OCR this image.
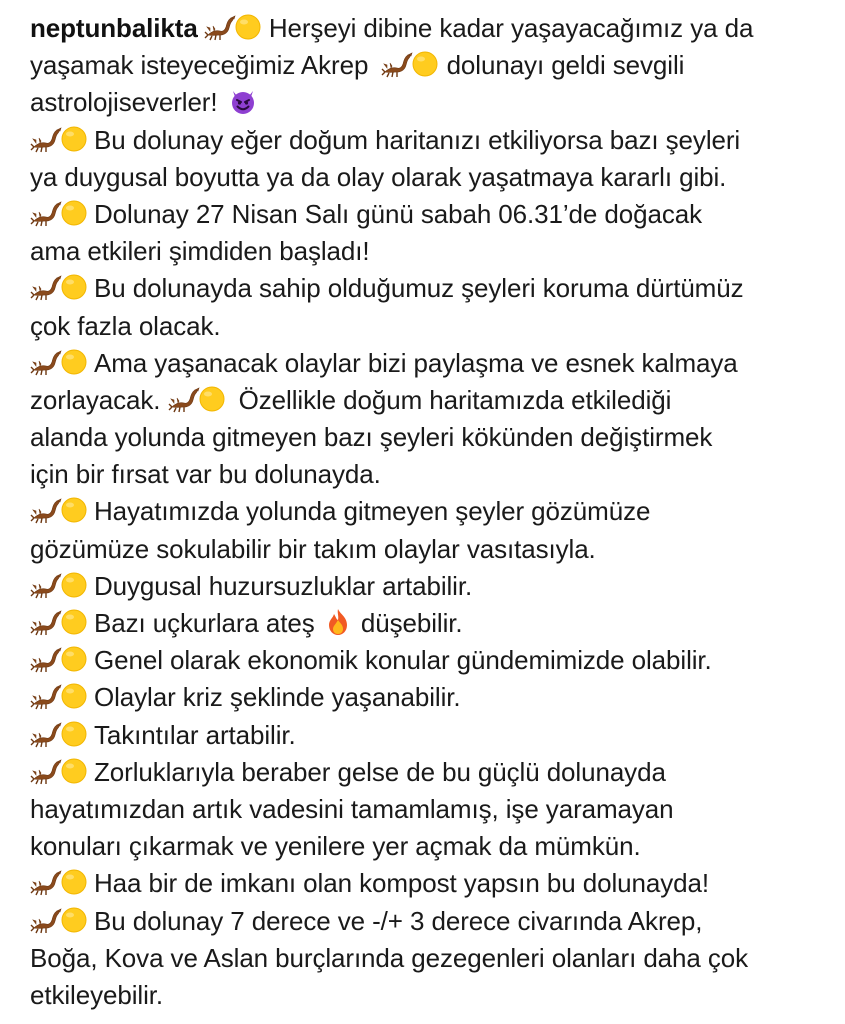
neptunbalikta
Herşeyi dibine kadar yaşayacağımız ya da
yaşamak isteyeceğimiz Akrep
dolunayı geldi sevgili
astrolojiseverler!
Bu dolunay eğer doğum haritanızı etkiliyorsa bazı şeyleri
ya duygusal boyutta ya da olay olarak yaşatmaya kararlı gibi.
Dolunay 27 Nisan Salı günü sabah 06.31’de doğacak
ama etkileri şimdiden başladı!
Bu dolunayda sahip olduğumuz şeyleri koruma dürtümüz
çok fazla olacak.
Ama yaşanacak olaylar bizi paylaşma ve esnek kalmaya
zorlayacak.
Özellikle doğum haritamızda etkilediği
alanda yolunda gitmeyen bazı şeyleri kökünden değiştirmek
için bir fırsat var bu dolunayda.
Hayatımızda yolunda gitmeyen şeyler gözümüze
gözümüze sokulabilir bir takım olaylar vasıtasıyla.
Duygusal huzursuzluklar artabilir.
Bazı uçkurlara ateş
düşebilir.
Genel olarak ekonomik konular gündemimizde olabilir.
Olaylar kriz şeklinde yaşanabilir.
Takıntılar artabilir.
Zorluklarıyla beraber gelse de bu güçlü dolunayda
hayatımızdan artık vadesini tamamlamış, işe yaramayan
konuları çıkarmak ve yenilere yer açmak da mümkün.
Haa bir de imkanı olan kompost yapsın bu dolunayda!
Bu dolunay 7 derece ve -/+ 3 derece civarında Akrep,
Boğa, Kova ve Aslan burçlarında gezegenleri olanları daha çok
etkileyebilir.
